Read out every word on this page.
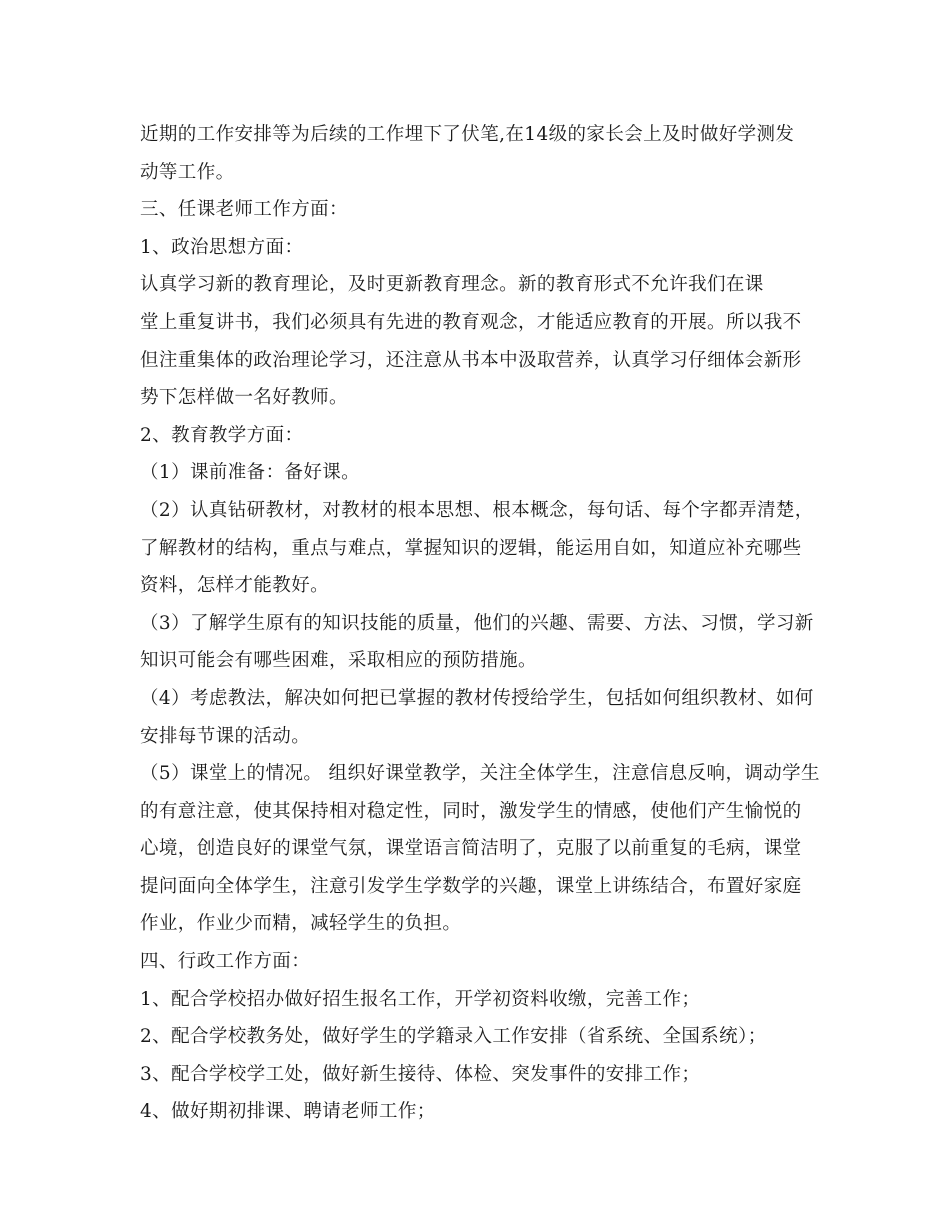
近期的工作安排等为后续的工作埋下了伏笔,在14级的家长会上及时做好学测发
动等工作。
三、任课老师工作方面：
1、政治思想方面：
认真学习新的教育理论，及时更新教育理念。新的教育形式不允许我们在课
堂上重复讲书，我们必须具有先进的教育观念，才能适应教育的开展。所以我不
但注重集体的政治理论学习，还注意从书本中汲取营养，认真学习仔细体会新形
势下怎样做一名好教师。
2、教育教学方面：
（1）课前准备：备好课。
（2）认真钻研教材，对教材的根本思想、根本概念，每句话、每个字都弄清楚，
了解教材的结构，重点与难点，掌握知识的逻辑，能运用自如，知道应补充哪些
资料，怎样才能教好。
（3）了解学生原有的知识技能的质量，他们的兴趣、需要、方法、习惯，学习新
知识可能会有哪些困难，采取相应的预防措施。
（4）考虑教法，解决如何把已掌握的教材传授给学生，包括如何组织教材、如何
安排每节课的活动。
（5）课堂上的情况。 组织好课堂教学，关注全体学生，注意信息反响，调动学生
的有意注意，使其保持相对稳定性，同时，激发学生的情感，使他们产生愉悦的
心境，创造良好的课堂气氛，课堂语言简洁明了，克服了以前重复的毛病，课堂
提问面向全体学生，注意引发学生学数学的兴趣，课堂上讲练结合，布置好家庭
作业，作业少而精，减轻学生的负担。
四、行政工作方面：
1、配合学校招办做好招生报名工作，开学初资料收缴，完善工作；
2、配合学校教务处，做好学生的学籍录入工作安排（省系统、全国系统）；
3、配合学校学工处，做好新生接待、体检、突发事件的安排工作；
4、做好期初排课、聘请老师工作；
